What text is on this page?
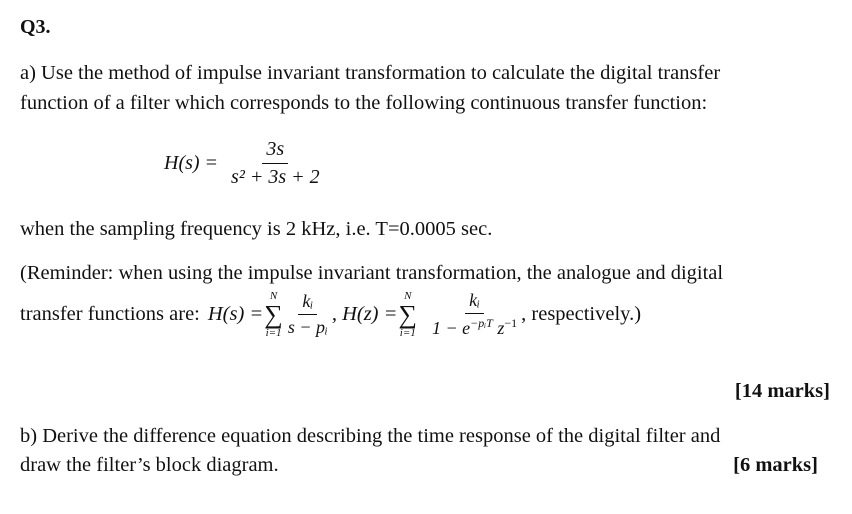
Q3.
a) Use the method of impulse invariant transformation to calculate the digital transfer
function of a filter which corresponds to the following continuous transfer function:
$H(s) = \frac{3s}{\text{s² + 3s + 2}}$
when the sampling frequency is 2 kHz, i.e. T=0.0005 sec.
(Reminder: when using the impulse invariant transformation, the analogue and digital
transfer functions are: H(s) =
N
∑
$i=1 \frac{\text{kᵢ}}{\text{s − pᵢ}}$ , H(z) =
N
∑
$i=1 \frac{\text{kᵢ}}{1 - e^{-pᵢT} z^{-1}}$ , respectively.)
[14 marks]
b) Derive the difference equation describing the time response of the digital filter and
draw the filter’s block diagram.	[6 marks]
